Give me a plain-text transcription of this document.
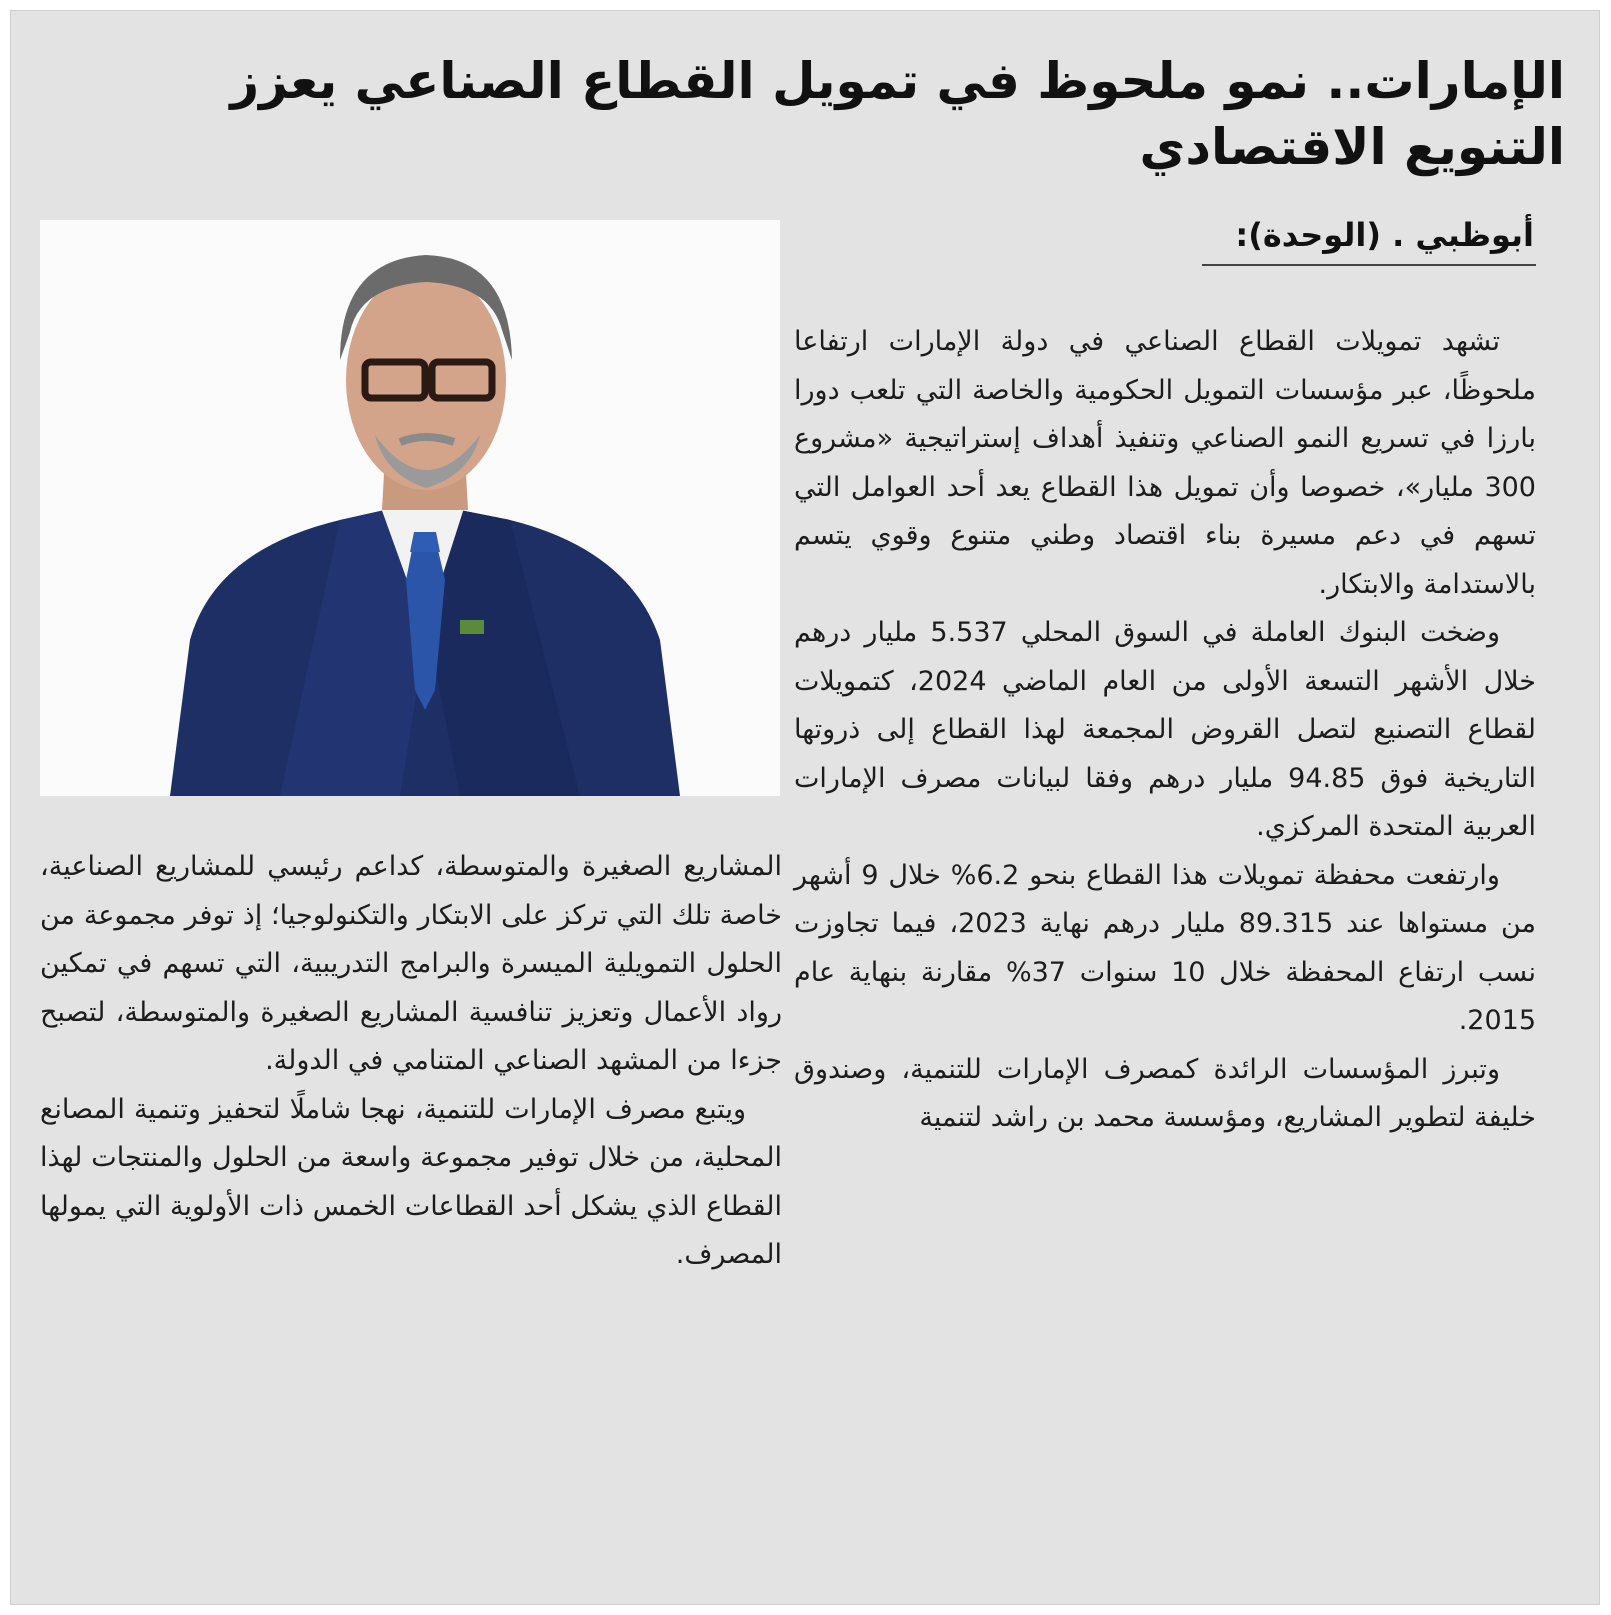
الإمارات.. نمو ملحوظ في تمويل القطاع الصناعي يعزز التنويع الاقتصادي
أبوظبي . (الوحدة):

تشهد تمويلات القطاع الصناعي في دولة الإمارات ارتفاعا ملحوظًا، عبر مؤسسات التمويل الحكومية والخاصة التي تلعب دورا بارزا في تسريع النمو الصناعي وتنفيذ أهداف إستراتيجية «مشروع 300 مليار»، خصوصا وأن تمويل هذا القطاع يعد أحد العوامل التي تسهم في دعم مسيرة بناء اقتصاد وطني متنوع وقوي يتسم بالاستدامة والابتكار.

وضخت البنوك العاملة في السوق المحلي 5.537 مليار درهم خلال الأشهر التسعة الأولى من العام الماضي 2024، كتمويلات لقطاع التصنيع لتصل القروض المجمعة لهذا القطاع إلى ذروتها التاريخية فوق 94.85 مليار درهم وفقا لبيانات مصرف الإمارات العربية المتحدة المركزي.

وارتفعت محفظة تمويلات هذا القطاع بنحو 6.2% خلال 9 أشهر من مستواها عند 89.315 مليار درهم نهاية 2023، فيما تجاوزت نسب ارتفاع المحفظة خلال 10 سنوات 37% مقارنة بنهاية عام 2015.

وتبرز المؤسسات الرائدة كمصرف الإمارات للتنمية، وصندوق خليفة لتطوير المشاريع، ومؤسسة محمد بن راشد لتنمية

المشاريع الصغيرة والمتوسطة، كداعم رئيسي للمشاريع الصناعية، خاصة تلك التي تركز على الابتكار والتكنولوجيا؛ إذ توفر مجموعة من الحلول التمويلية الميسرة والبرامج التدريبية، التي تسهم في تمكين رواد الأعمال وتعزيز تنافسية المشاريع الصغيرة والمتوسطة، لتصبح جزءا من المشهد الصناعي المتنامي في الدولة.

ويتبع مصرف الإمارات للتنمية، نهجا شاملًا لتحفيز وتنمية المصانع المحلية، من خلال توفير مجموعة واسعة من الحلول والمنتجات لهذا القطاع الذي يشكل أحد القطاعات الخمس ذات الأولوية التي يمولها المصرف.
